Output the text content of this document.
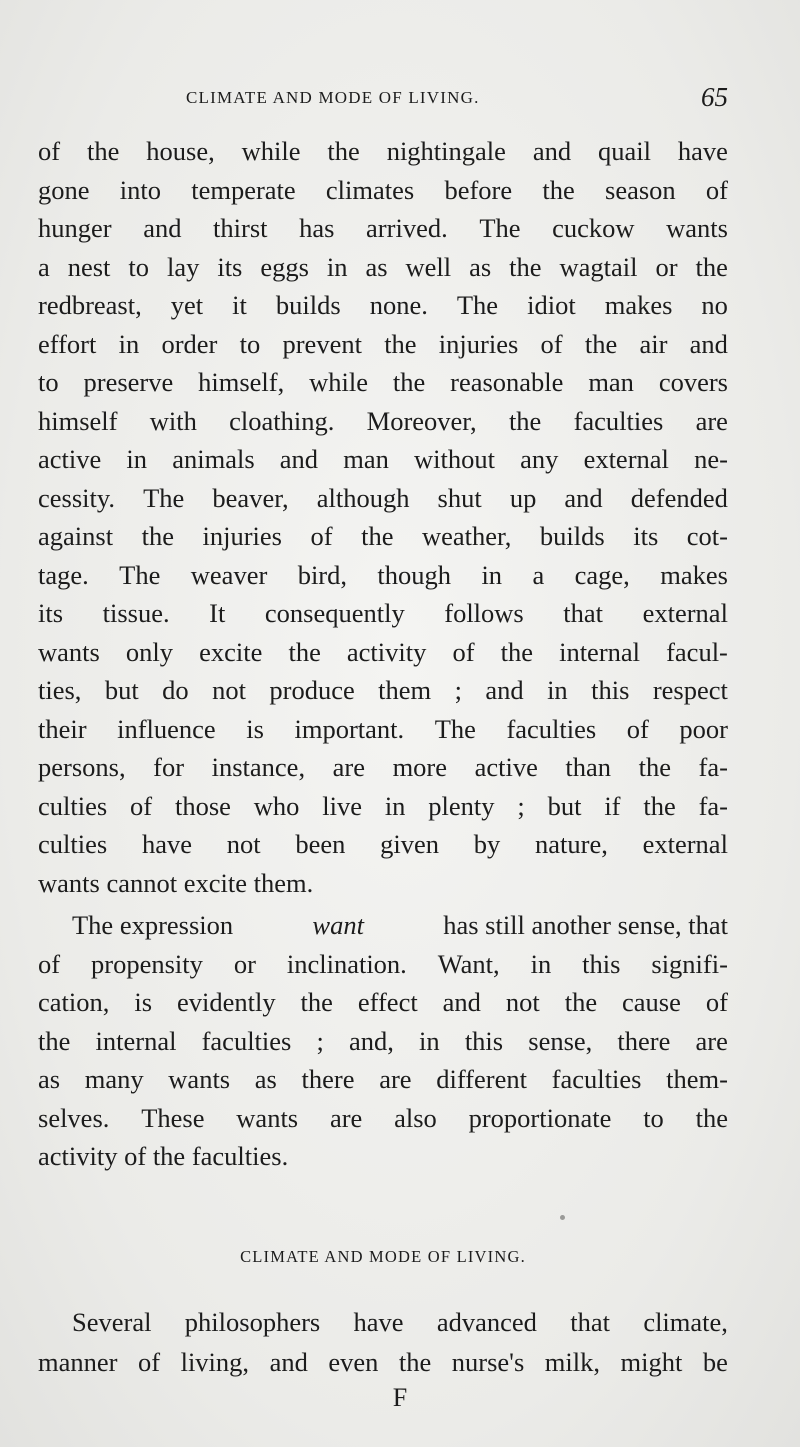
CLIMATE AND MODE OF LIVING.	65
of the house, while the nightingale and quail have
gone into temperate climates before the season of
hunger and thirst has arrived. The cuckow wants
a nest to lay its eggs in as well as the wagtail or the
redbreast, yet it builds none. The idiot makes no
effort in order to prevent the injuries of the air and
to preserve himself, while the reasonable man covers
himself with cloathing. Moreover, the faculties are
active in animals and man without any external ne-
cessity. The beaver, although shut up and defended
against the injuries of the weather, builds its cot-
tage. The weaver bird, though in a cage, makes
its tissue. It consequently follows that external
wants only excite the activity of the internal facul-
ties, but do not produce them ; and in this respect
their influence is important. The faculties of poor
persons, for instance, are more active than the fa-
culties of those who live in plenty ; but if the fa-
culties have not been given by nature, external
wants
cannot
excite
them.
The expression	want	has still another sense, that
of propensity or inclination. Want, in this signifi-
cation, is evidently the effect and not the cause of
the internal faculties ; and, in this sense, there are
as many wants as there are different faculties them-
selves. These wants are also proportionate to the
activity
of
the
faculties.
CLIMATE AND MODE OF LIVING.
Several philosophers have advanced that climate,
manner of living, and even the nurse's milk, might be
F
